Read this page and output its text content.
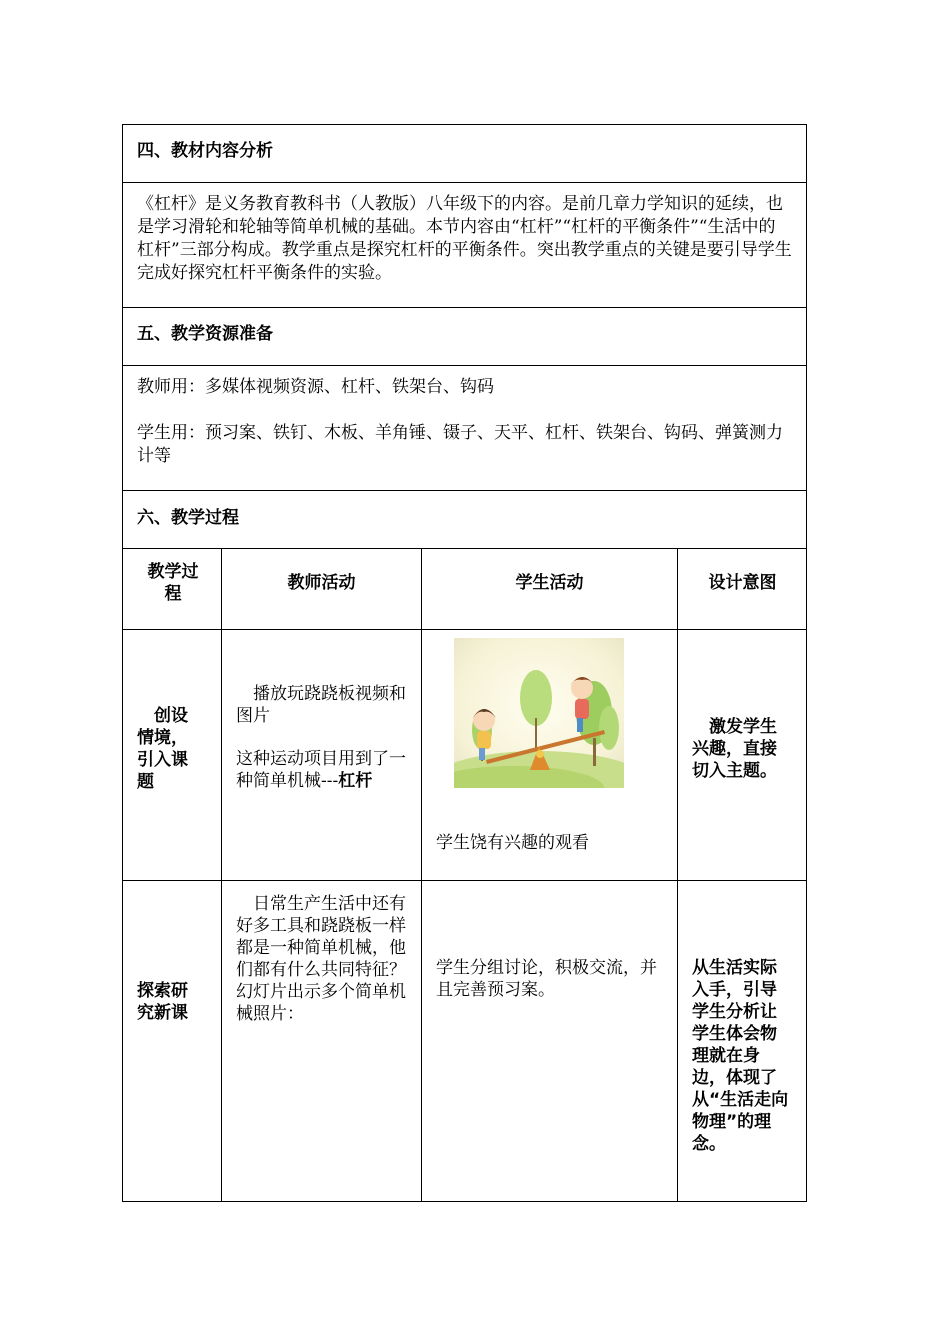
四、教材内容分析
《杠杆》是义务教育教科书（人教版）八年级下的内容。是前几章力学知识的延续，也是学习滑轮和轮轴等简单机械的基础。本节内容由“杠杆”“杠杆的平衡条件”“生活中的杠杆”三部分构成。教学重点是探究杠杆的平衡条件。突出教学重点的关键是要引导学生完成好探究杠杆平衡条件的实验。
五、教学资源准备
教师用：多媒体视频资源、杠杆、铁架台、钩码
学生用：预习案、铁钉、木板、羊角锤、镊子、天平、杠杆、铁架台、钩码、弹簧测力计等
六、教学过程
教学过程
教师活动	学生活动	设计意图
创设情境，引入课题
播放玩跷跷板视频和图片
这种运动项目用到了一种简单机械---杠杆
学生饶有兴趣的观看
激发学生兴趣，直接切入主题。
探索研究新课
日常生产生活中还有好多工具和跷跷板一样都是一种简单机械，他们都有什么共同特征？幻灯片出示多个简单机械照片：
学生分组讨论，积极交流，并且完善预习案。
从生活实际入手，引导学生分析让学生体会物理就在身边，体现了从“生活走向物理”的理念。
